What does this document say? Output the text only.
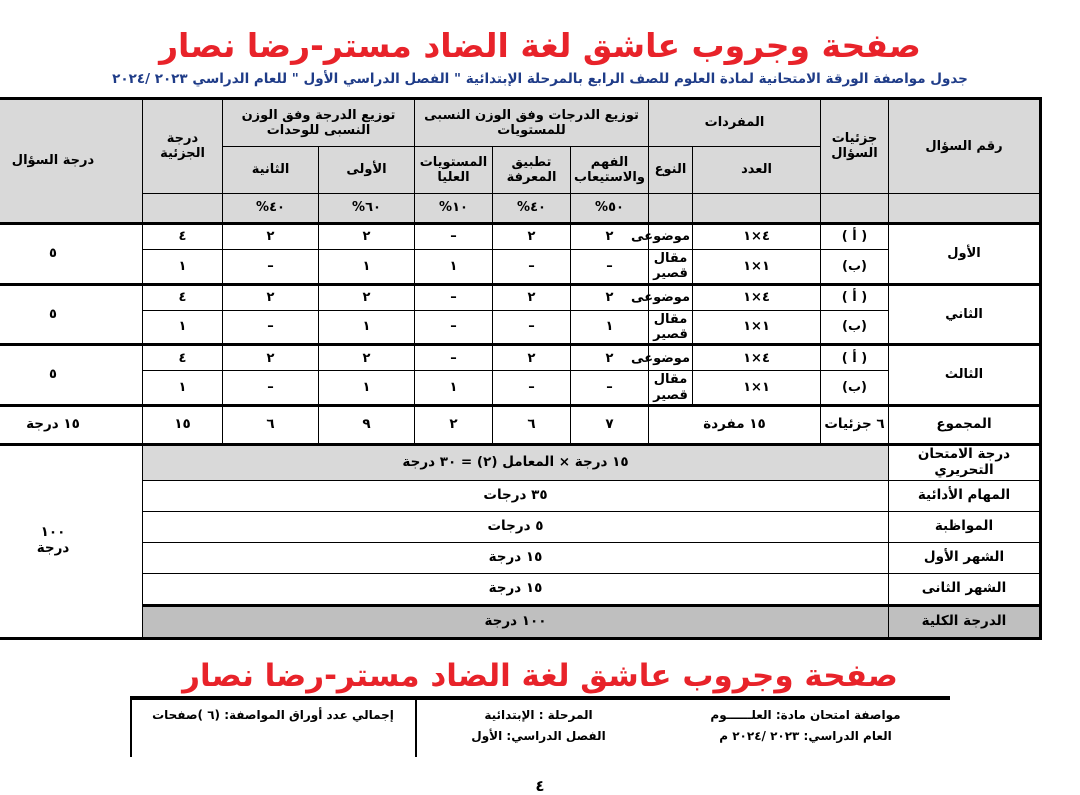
صفحة وجروب عاشق لغة الضاد مستر-رضا نصار
جدول مواصفة الورقة الامتحانية لمادة العلوم للصف الرابع بالمرحلة الإبتدائية " الفصل الدراسي الأول " للعام الدراسي ٢٠٢٣ /٢٠٢٤
رقم السؤال	جزئيات السؤال	المفردات		توزيع الدرجات وفق الوزن النسبى للمستويات			توزيع الدرجة وفق الوزن النسبى للوحدات		درجة الجزئية	درجة السؤال
		العدد	النوع	الفهم والاستيعاب	تطبيق المعرفة	المستويات العليا	الأولى	الثانية		
				٥٠%	٤٠%	١٠%	٦٠%	٤٠%		
الأول	( أ )	٤×١	موضوعى	٢	٢	–	٢	٢	٤	٥
	(ب)	١×١	مقال قصير	–	–	١	١	–	١	
الثاني	( أ )	٤×١	موضوعى	٢	٢	–	٢	٢	٤	٥
	(ب)	١×١	مقال قصير	١	–	–	١	–	١	
الثالث	( أ )	٤×١	موضوعى	٢	٢	–	٢	٢	٤	٥
	(ب)	١×١	مقال قصير	–	–	١	١	–	١	
المجموع	٦ جزئيات	١٥ مفردة		٧	٦	٢	٩	٦	١٥	١٥ درجة
درجة الامتحان التحريري	١٥ درجة × المعامل (٢) = ٣٠ درجة									١٠٠
درجة

المهام الأدائية	٣٥ درجات									
المواظبة	٥ درجات									
الشهر الأول	١٥ درجة									
الشهر الثانى	١٥ درجة									
الدرجة الكلية	١٠٠ درجة									
صفحة وجروب عاشق لغة الضاد مستر-رضا نصار
مواصفة امتحان مادة: العلــــــوم
العام الدراسي: ٢٠٢٣ /٢٠٢٤ م

المرحلة : الإبتدائية
الفصل الدراسي: الأول

إجمالي عدد أوراق المواصفة: (٦ )صفحات
٤
